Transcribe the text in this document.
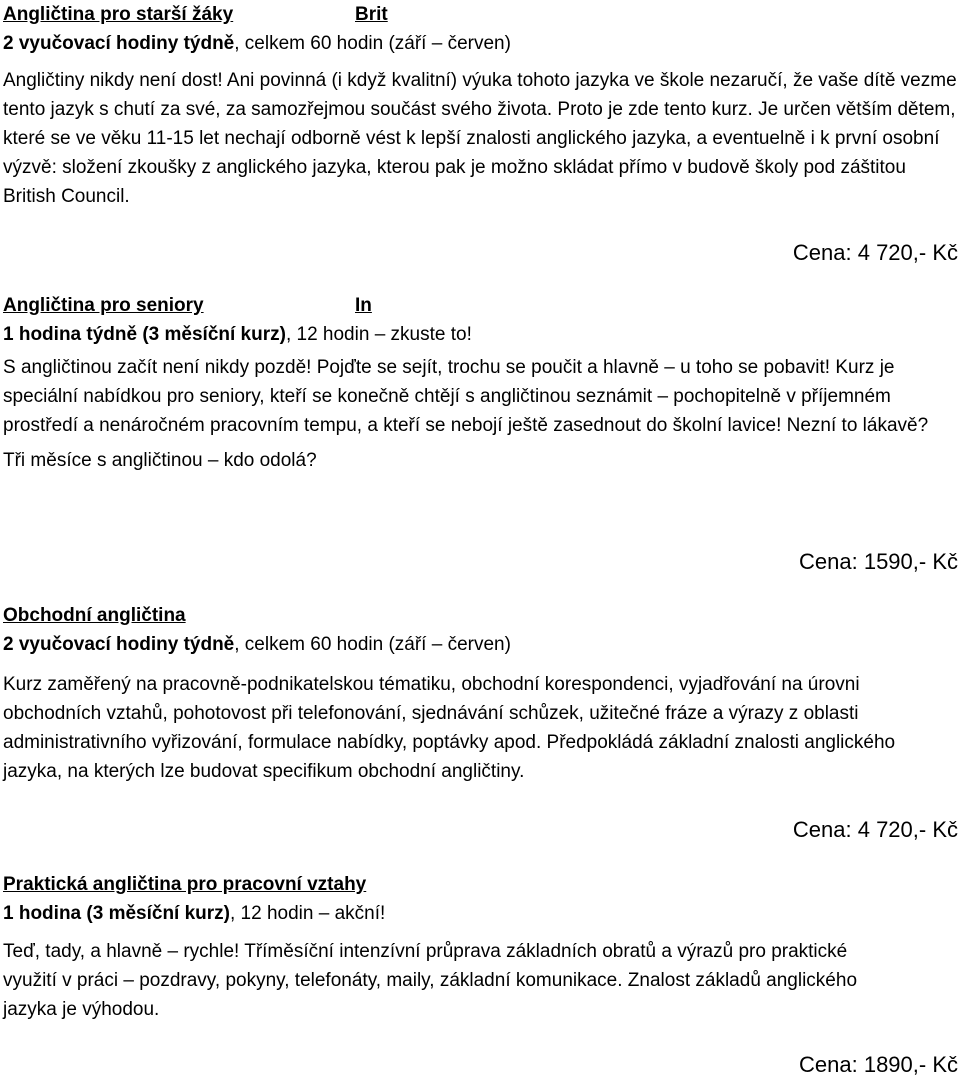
Angličtina pro starší žáky	Brit

2 vyučovací hodiny týdně, celkem 60 hodin (září – červen)

Angličtiny nikdy není dost! Ani povinná (i když kvalitní) výuka tohoto jazyka ve škole nezaručí, že vaše dítě vezme tento jazyk s chutí za své, za samozřejmou součást svého života. Proto je zde tento kurz. Je určen větším dětem, které se ve věku 11-15 let nechají odborně vést k lepší znalosti anglického jazyka, a eventuelně i k první osobní výzvě: složení zkoušky z anglického jazyka, kterou pak je možno skládat přímo v budově školy pod záštitou British Council.

Cena: 4 720,- Kč
Angličtina pro seniory	In

1 hodina týdně (3 měsíční kurz), 12 hodin – zkuste to!

S angličtinou začít není nikdy pozdě! Pojďte se sejít, trochu se poučit a hlavně – u toho se pobavit! Kurz je speciální nabídkou pro seniory, kteří se konečně chtějí s angličtinou seznámit – pochopitelně v příjemném prostředí a nenáročném pracovním tempu, a kteří se nebojí ještě zasednout do školní lavice! Nezní to lákavě?

Tři měsíce s angličtinou – kdo odolá?

Cena: 1590,- Kč
Obchodní angličtina

2 vyučovací hodiny týdně, celkem 60 hodin (září – červen)

Kurz zaměřený na pracovně-podnikatelskou tématiku, obchodní korespondenci, vyjadřování na úrovni obchodních vztahů, pohotovost při telefonování, sjednávání schůzek, užitečné fráze a výrazy z oblasti administrativního vyřizování, formulace nabídky, poptávky apod. Předpokládá základní znalosti anglického jazyka, na kterých lze budovat specifikum obchodní angličtiny.

Cena: 4 720,- Kč
Praktická angličtina pro pracovní vztahy

1 hodina (3 měsíční kurz), 12 hodin – akční!

Teď, tady, a hlavně – rychle! Tříměsíční intenzívní průprava základních obratů a výrazů pro praktické využití v práci – pozdravy, pokyny, telefonáty, maily, základní komunikace. Znalost základů anglického jazyka je výhodou.

Cena: 1890,- Kč
